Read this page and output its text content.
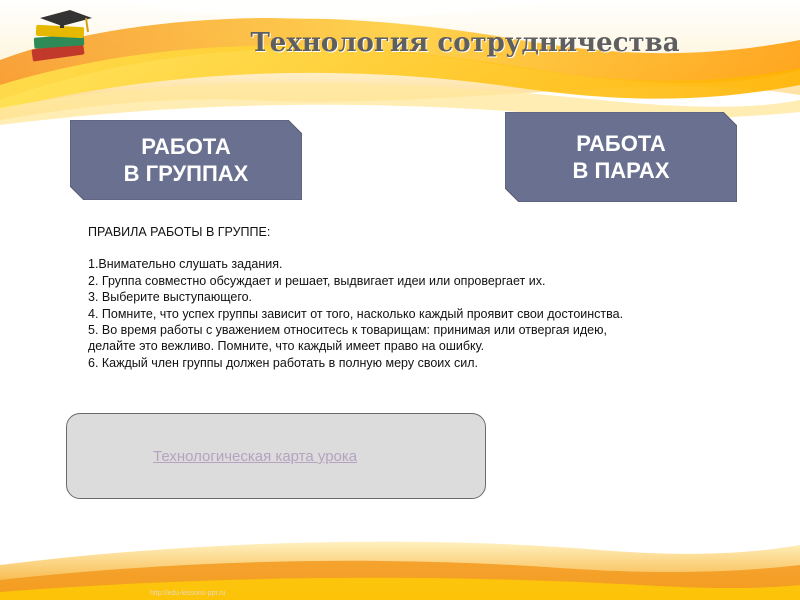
Технология сотрудничества
РАБОТА
В ГРУППАХ
РАБОТА
В ПАРАХ
Технологическая карта урока
ПРАВИЛА РАБОТЫ В ГРУППЕ:
1.Внимательно слушать задания.
2. Группа совместно обсуждает и решает, выдвигает идеи или опровергает их.
3. Выберите выступающего.
4. Помните, что успех группы зависит от того, насколько каждый проявит свои достоинства.
5. Во время работы с уважением относитесь к товарищам: принимая или отвергая идею,
делайте это вежливо. Помните, что каждый имеет право на ошибку.
6. Каждый член группы должен работать в полную меру своих сил.
http://edu-lessons-ppt.ru
